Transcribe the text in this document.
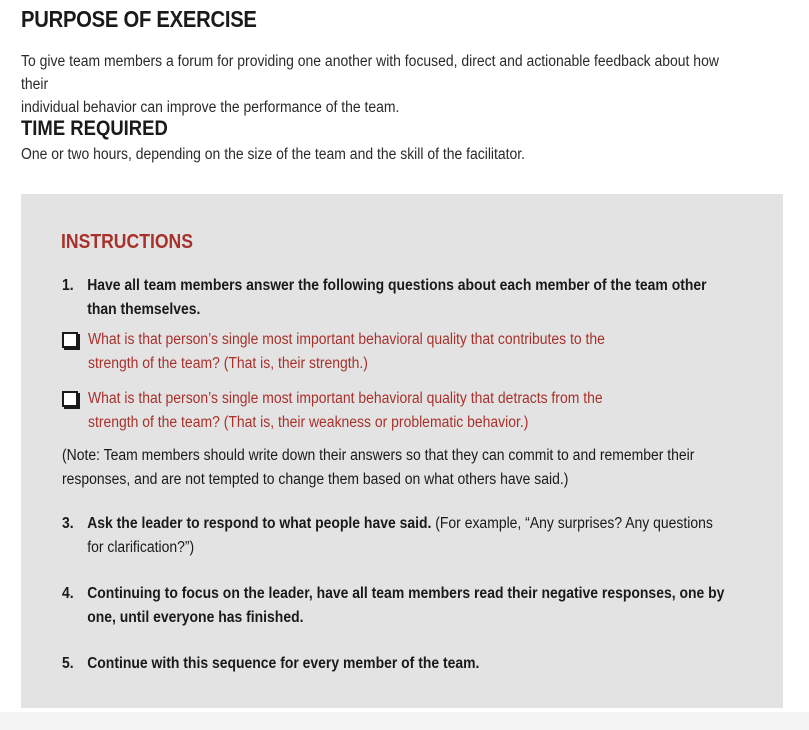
PURPOSE OF EXERCISE
To give team members a forum for providing one another with focused, direct and actionable feedback about how their
individual behavior can improve the performance of the team.
TIME REQUIRED
One or two hours, depending on the size of the team and the skill of the facilitator.
INSTRUCTIONS
1. Have all team members answer the following questions about each member of the team other
than themselves.
What is that person’s single most important behavioral quality that contributes to the
strength of the team? (That is, their strength.)
What is that person’s single most important behavioral quality that detracts from the
strength of the team? (That is, their weakness or problematic behavior.)
(Note: Team members should write down their answers so that they can commit to and remember their
responses, and are not tempted to change them based on what others have said.)
3. Ask the leader to respond to what people have said. (For example, “Any surprises? Any questions
for clarification?”)
4. Continuing to focus on the leader, have all team members read their negative responses, one by
one, until everyone has finished.
5. Continue with this sequence for every member of the team.
